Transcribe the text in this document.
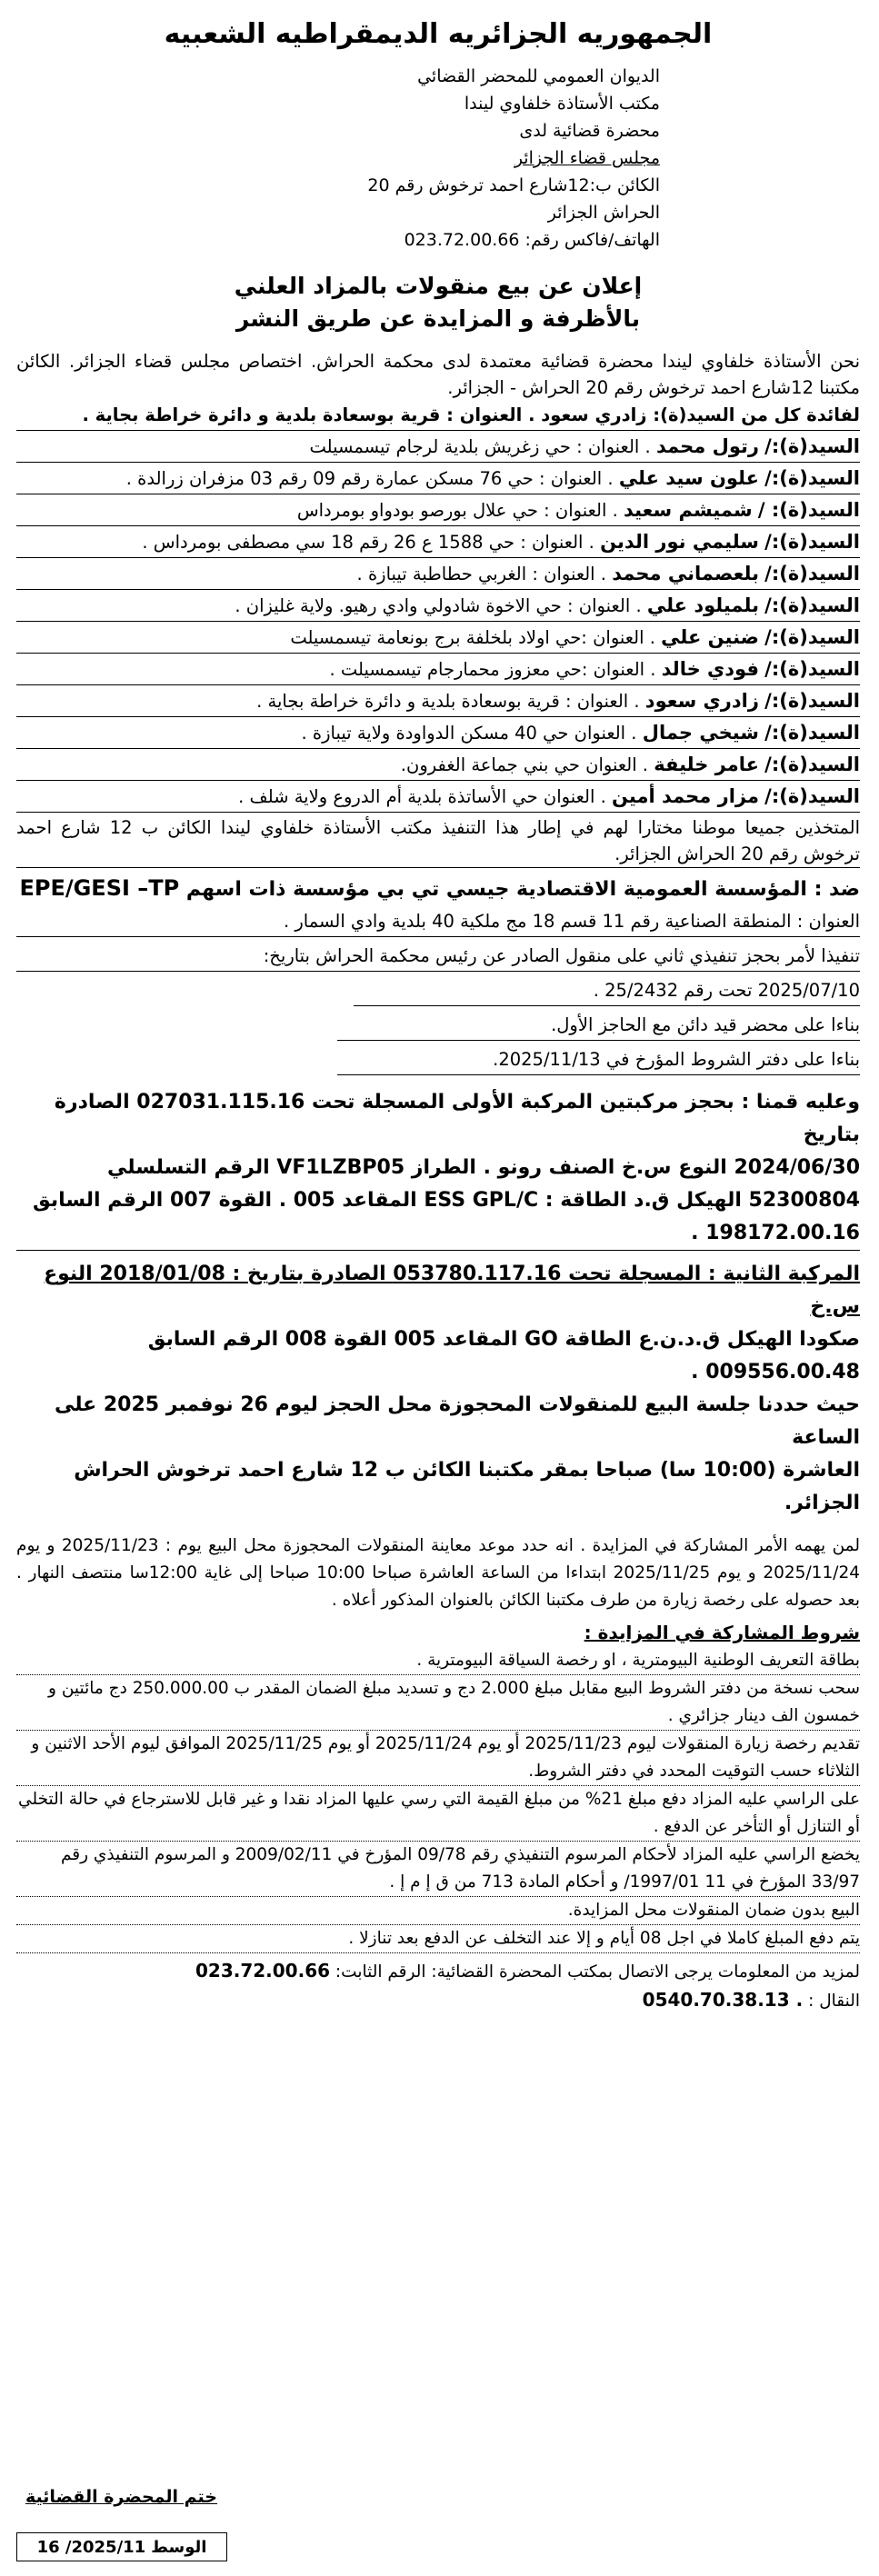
الجمهوريه الجزائريه الديمقراطيه الشعبيه
الديوان العمومي للمحضر القضائي
مكتب الأستاذة خلفاوي ليندا
محضرة قضائية لدى
مجلس قضاء الجزائر
الكائن ب:12شارع احمد ترخوش رقم 20
الحراش الجزائر
الهاتف/فاكس رقم: 023.72.00.66
إعلان عن بيع منقولات بالمزاد العلني
بالأظرفة و المزايدة عن طريق النشر
نحن الأستاذة خلفاوي ليندا محضرة قضائية معتمدة لدى محكمة الحراش. اختصاص مجلس قضاء الجزائر. الكائن مكتبنا 12شارع احمد ترخوش رقم 20 الحراش - الجزائر.
لفائدة كل من السيد(ة): زادري سعود . العنوان : قرية بوسعادة بلدية و دائرة خراطة بجاية .
السيد(ة):/ رتول محمد . العنوان : حي زغريش بلدية لرجام تيسمسيلت
السيد(ة):/ علون سيد علي . العنوان : حي 76 مسكن عمارة رقم 09 رقم 03 مزفران زرالدة .
السيد(ة): / شميشم سعيد . العنوان : حي علال بورصو بودواو بومرداس
السيد(ة):/ سليمي نور الدين . العنوان : حي 1588 ع 26 رقم 18 سي مصطفى بومرداس .
السيد(ة):/ بلعصماني محمد . العنوان : الغربي حطاطبة تيبازة .
السيد(ة):/ بلميلود علي . العنوان : حي الاخوة شادولي وادي رهيو. ولاية غليزان .
السيد(ة):/ ضنين علي . العنوان :حي اولاد بلخلفة برج بونعامة تيسمسيلت
السيد(ة):/ فودي خالد . العنوان :حي معزوز محمارجام تيسمسيلت .
السيد(ة):/ زادري سعود . العنوان : قرية بوسعادة بلدية و دائرة خراطة بجاية .
السيد(ة):/ شيخي جمال . العنوان حي 40 مسكن الدواودة ولاية تيبازة .
السيد(ة):/ عامر خليفة . العنوان حي بني جماعة الغفرون.
السيد(ة):/ مزار محمد أمين . العنوان حي الأساتذة بلدية أم الدروع ولاية شلف .
المتخذين جميعا موطنا مختارا لهم في إطار هذا التنفيذ مكتب الأستاذة خلفاوي ليندا الكائن ب 12 شارع احمد ترخوش رقم 20 الحراش الجزائر.
ضد : المؤسسة العمومية الاقتصادية جيسي تي بي مؤسسة ذات اسهم EPE/GESI –TP
العنوان : المنطقة الصناعية رقم 11 قسم 18 مج ملكية 40 بلدية وادي السمار .
تنفيذا لأمر بحجز تنفيذي ثاني على منقول الصادر عن رئيس محكمة الحراش بتاريخ:
2025/07/10 تحت رقم 25/2432 .
بناءا على محضر قيد دائن مع الحاجز الأول.
بناءا على دفتر الشروط المؤرخ في 2025/11/13.
وعليه قمنا : بحجز مركبتين المركبة الأولى المسجلة تحت 027031.115.16 الصادرة بتاريخ
2024/06/30 النوع س.خ الصنف رونو . الطراز VF1LZBP05 الرقم التسلسلي
52300804 الهيكل ق.د الطاقة : ESS GPL/C المقاعد 005 . القوة 007 الرقم السابق
198172.00.16 .
المركبة الثانية : المسجلة تحت 053780.117.16 الصادرة بتاريخ : 2018/01/08 النوع س.خ
صكودا الهيكل ق.د.ن.ع الطاقة GO المقاعد 005 القوة 008 الرقم السابق 009556.00.48 .
حيث حددنا جلسة البيع للمنقولات المحجوزة محل الحجز ليوم 26 نوفمبر 2025 على الساعة
العاشرة (10:00 سا) صباحا بمقر مكتبنا الكائن ب 12 شارع احمد ترخوش الحراش الجزائر.
لمن يهمه الأمر المشاركة في المزايدة . انه حدد موعد معاينة المنقولات المحجوزة محل البيع يوم : 2025/11/23 و يوم 2025/11/24 و يوم 2025/11/25 ابتداءا من الساعة العاشرة صباحا 10:00 صباحا إلى غاية 12:00سا منتصف النهار . بعد حصوله على رخصة زيارة من طرف مكتبنا الكائن بالعنوان المذكور أعلاه .
شروط المشاركة في المزايدة :
بطاقة التعريف الوطنية البيومترية ، او رخصة السياقة البيومترية .
سحب نسخة من دفتر الشروط البيع مقابل مبلغ 2.000 دج و تسديد مبلغ الضمان المقدر ب 250.000.00 دج مائتين و خمسون الف دينار جزائري .
تقديم رخصة زيارة المنقولات ليوم 2025/11/23 أو يوم 2025/11/24 أو يوم 2025/11/25 الموافق ليوم الأحد الاثنين و الثلاثاء حسب التوقيت المحدد في دفتر الشروط.
على الراسي عليه المزاد دفع مبلغ 21% من مبلغ القيمة التي رسي عليها المزاد نقدا و غير قابل للاسترجاع في حالة التخلي أو التنازل أو التأخر عن الدفع .
يخضع الراسي عليه المزاد لأحكام المرسوم التنفيذي رقم 09/78 المؤرخ في 2009/02/11 و المرسوم التنفيذي رقم 33/97 المؤرخ في 11 1997/01/ و أحكام المادة 713 من ق إ م إ .
البيع بدون ضمان المنقولات محل المزايدة.
يتم دفع المبلغ كاملا في اجل 08 أيام و إلا عند التخلف عن الدفع بعد تنازلا .
لمزيد من المعلومات يرجى الاتصال بمكتب المحضرة القضائية: الرقم الثابت: 023.72.00.66
النقال : 0540.70.38.13 .
ختم المحضرة القضائية
الوسط
2025/11/ 16
